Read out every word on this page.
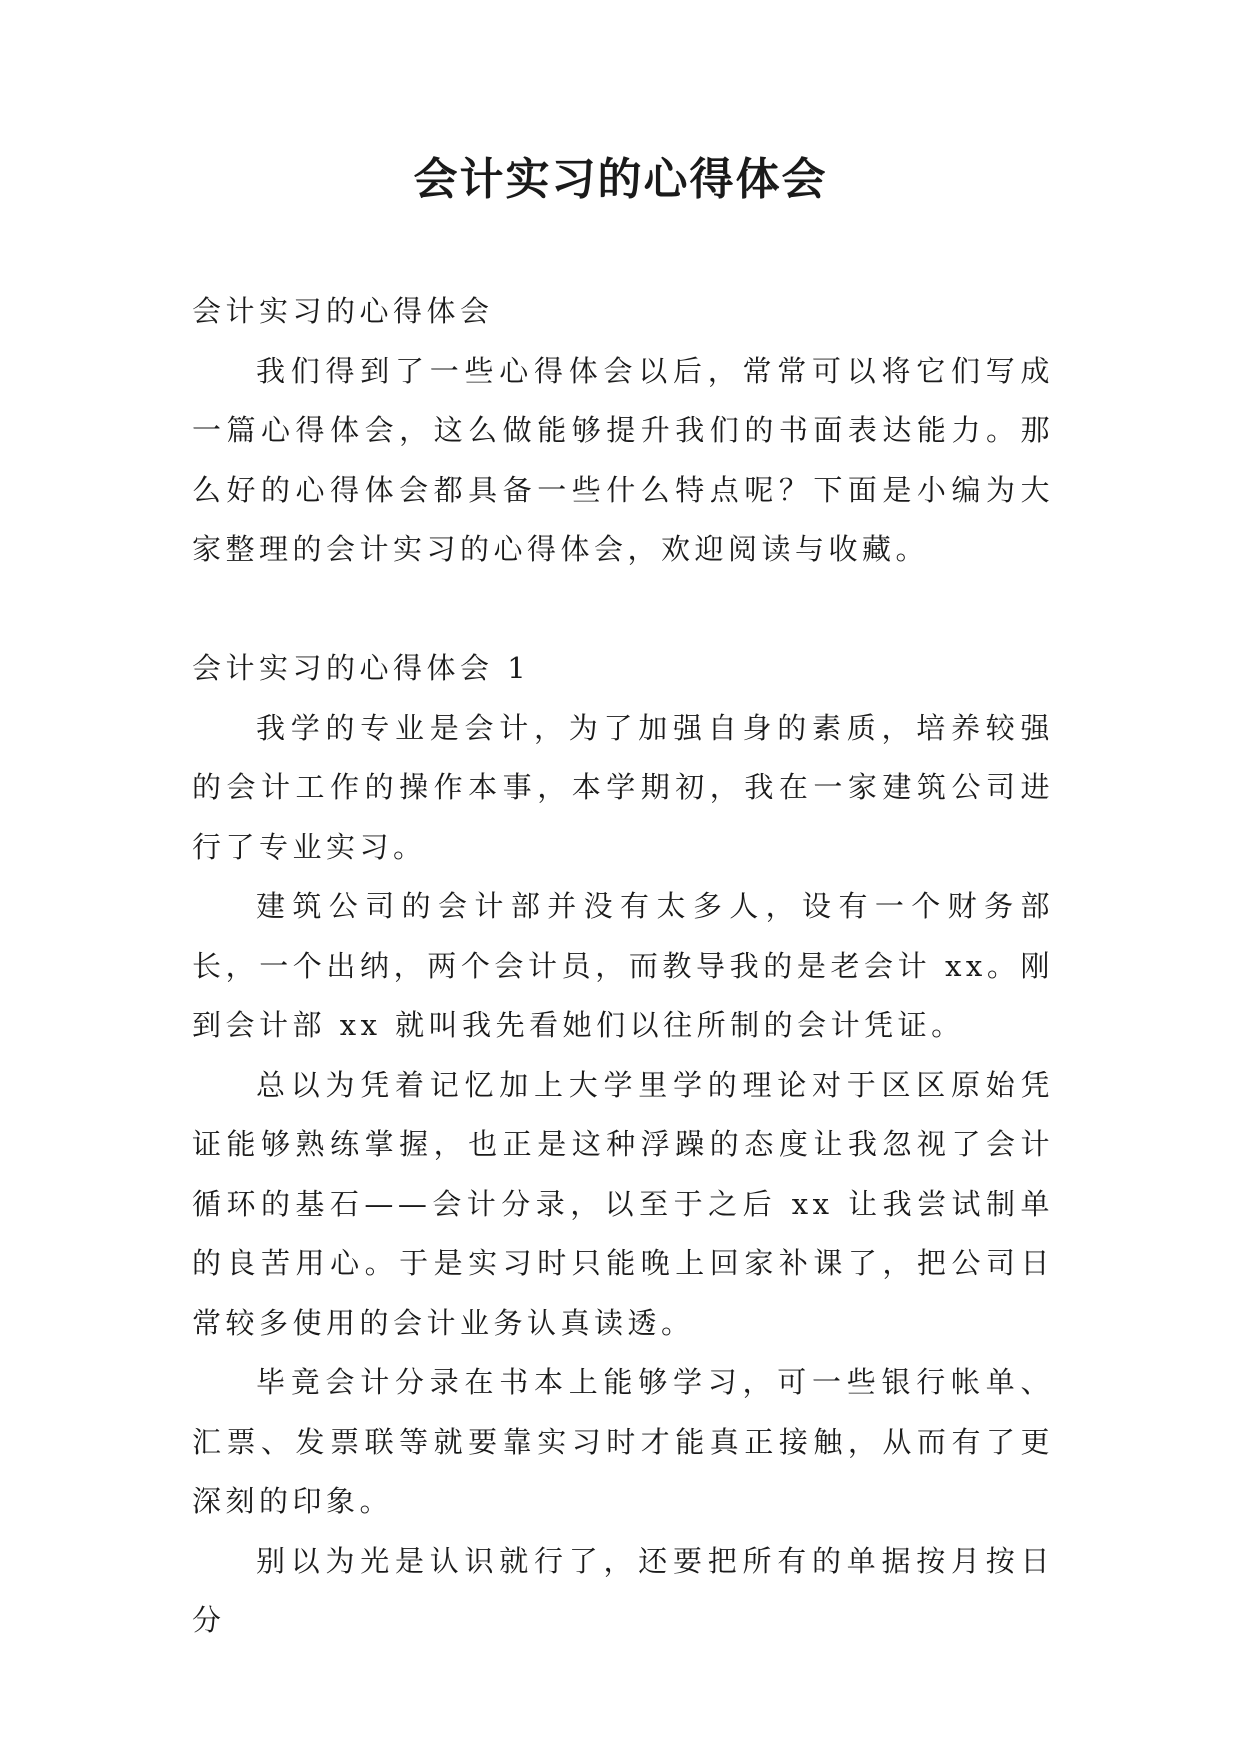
会计实习的心得体会

会计实习的心得体会

我们得到了一些心得体会以后，常常可以将它们写成一篇心得体会，这么做能够提升我们的书面表达能力。那么好的心得体会都具备一些什么特点呢？下面是小编为大家整理的会计实习的心得体会，欢迎阅读与收藏。

会计实习的心得体会 1

我学的专业是会计，为了加强自身的素质，培养较强的会计工作的操作本事，本学期初，我在一家建筑公司进行了专业实习。

建筑公司的会计部并没有太多人，设有一个财务部长，一个出纳，两个会计员，而教导我的是老会计 xx。刚到会计部 xx 就叫我先看她们以往所制的会计凭证。

总以为凭着记忆加上大学里学的理论对于区区原始凭证能够熟练掌握，也正是这种浮躁的态度让我忽视了会计循环的基石——会计分录，以至于之后 xx 让我尝试制单的良苦用心。于是实习时只能晚上回家补课了，把公司日常较多使用的会计业务认真读透。

毕竟会计分录在书本上能够学习，可一些银行帐单、汇票、发票联等就要靠实习时才能真正接触，从而有了更深刻的印象。

别以为光是认识就行了，还要把所有的单据按月按日分
